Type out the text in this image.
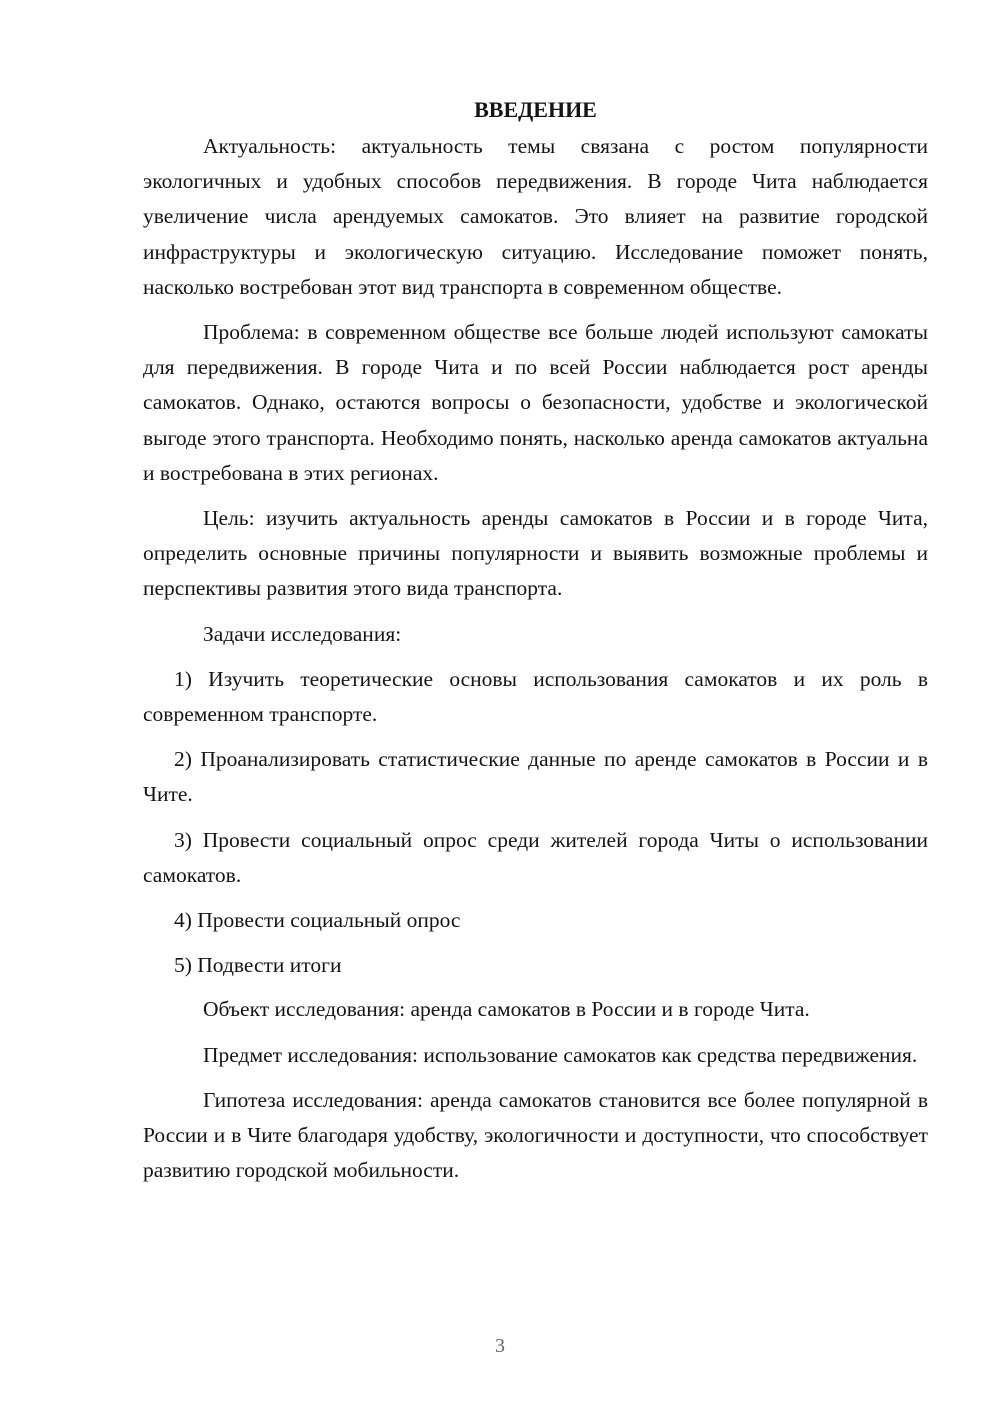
ВВЕДЕНИЕ

Актуальность: актуальность темы связана с ростом популярности экологичных и удобных способов передвижения. В городе Чита наблюдается увеличение числа арендуемых самокатов. Это влияет на развитие городской инфраструктуры и экологическую ситуацию. Исследование поможет понять, насколько востребован этот вид транспорта в современном обществе.

Проблема: в современном обществе все больше людей используют самокаты для передвижения. В городе Чита и по всей России наблюдается рост аренды самокатов. Однако, остаются вопросы о безопасности, удобстве и экологической выгоде этого транспорта. Необходимо понять, насколько аренда самокатов актуальна и востребована в этих регионах.

Цель: изучить актуальность аренды самокатов в России и в городе Чита, определить основные причины популярности и выявить возможные проблемы и перспективы развития этого вида транспорта.

Задачи исследования:

1) Изучить теоретические основы использования самокатов и их роль в современном транспорте.

2) Проанализировать статистические данные по аренде самокатов в России и в Чите.

3) Провести социальный опрос среди жителей города Читы о использовании самокатов.

4) Провести социальный опрос

5) Подвести итоги

Объект исследования: аренда самокатов в России и в городе Чита.

Предмет исследования: использование самокатов как средства передвижения.

Гипотеза исследования: аренда самокатов становится все более популярной в России и в Чите благодаря удобству, экологичности и доступности, что способствует развитию городской мобильности.

3
